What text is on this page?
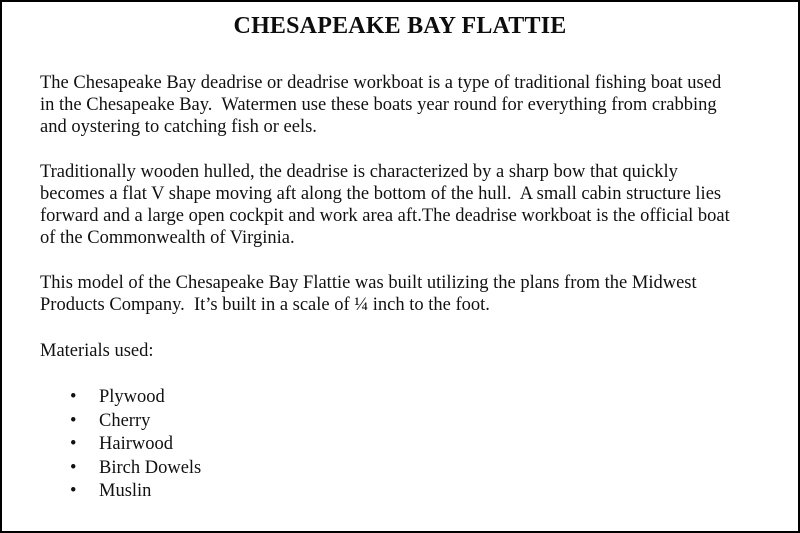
CHESAPEAKE BAY FLATTIE

The Chesapeake Bay deadrise or deadrise workboat is a type of traditional fishing boat used in the Chesapeake Bay.  Watermen use these boats year round for everything from crabbing and oystering to catching fish or eels.

Traditionally wooden hulled, the deadrise is characterized by a sharp bow that quickly becomes a flat V shape moving aft along the bottom of the hull.  A small cabin structure lies forward and a large open cockpit and work area aft.The deadrise workboat is the official boat of the Commonwealth of Virginia.

This model of the Chesapeake Bay Flattie was built utilizing the plans from the Midwest Products Company.  It’s built in a scale of ¼ inch to the foot.

Materials used:

• Plywood
• Cherry
• Hairwood
• Birch Dowels
• Muslin
